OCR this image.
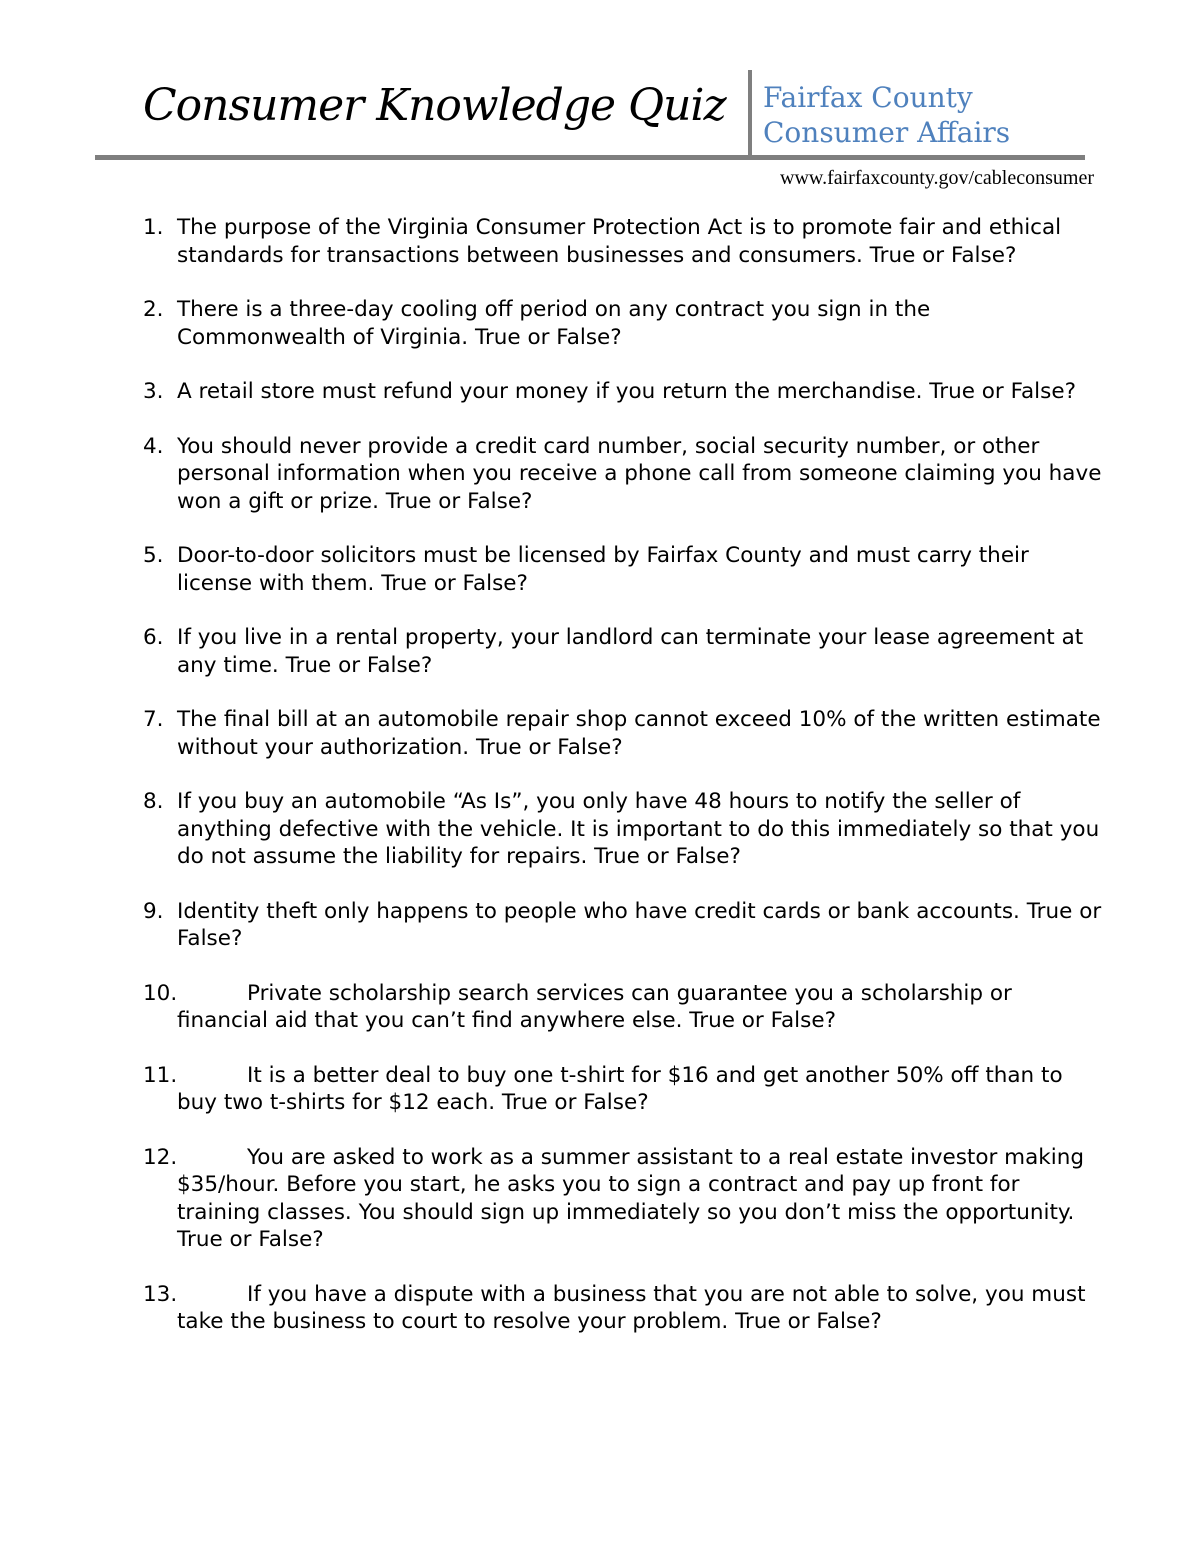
Consumer Knowledge Quiz Fairfax County
Consumer Affairs
www.fairfaxcounty.gov/cableconsumer
1. The purpose of the Virginia Consumer Protection Act is to promote fair and ethical standards for transactions between businesses and consumers. True or False?
2. There is a three-day cooling off period on any contract you sign in the Commonwealth of Virginia. True or False?
3. A retail store must refund your money if you return the merchandise. True or False?
4. You should never provide a credit card number, social security number, or other personal information when you receive a phone call from someone claiming you have won a gift or prize. True or False?
5. Door-to-door solicitors must be licensed by Fairfax County and must carry their license with them. True or False?
6. If you live in a rental property, your landlord can terminate your lease agreement at any time. True or False?
7. The final bill at an automobile repair shop cannot exceed 10% of the written estimate without your authorization. True or False?
8. If you buy an automobile “As Is”, you only have 48 hours to notify the seller of anything defective with the vehicle. It is important to do this immediately so that you do not assume the liability for repairs. True or False?
9. Identity theft only happens to people who have credit cards or bank accounts. True or False?
10.	Private scholarship search services can guarantee you a scholarship or financial aid that you can’t find anywhere else. True or False?
11.	It is a better deal to buy one t-shirt for $16 and get another 50% off than to buy two t-shirts for $12 each. True or False?
12.	You are asked to work as a summer assistant to a real estate investor making $35/hour. Before you start, he asks you to sign a contract and pay up front for training classes. You should sign up immediately so you don’t miss the opportunity. True or False?
13.	If you have a dispute with a business that you are not able to solve, you must take the business to court to resolve your problem. True or False?
